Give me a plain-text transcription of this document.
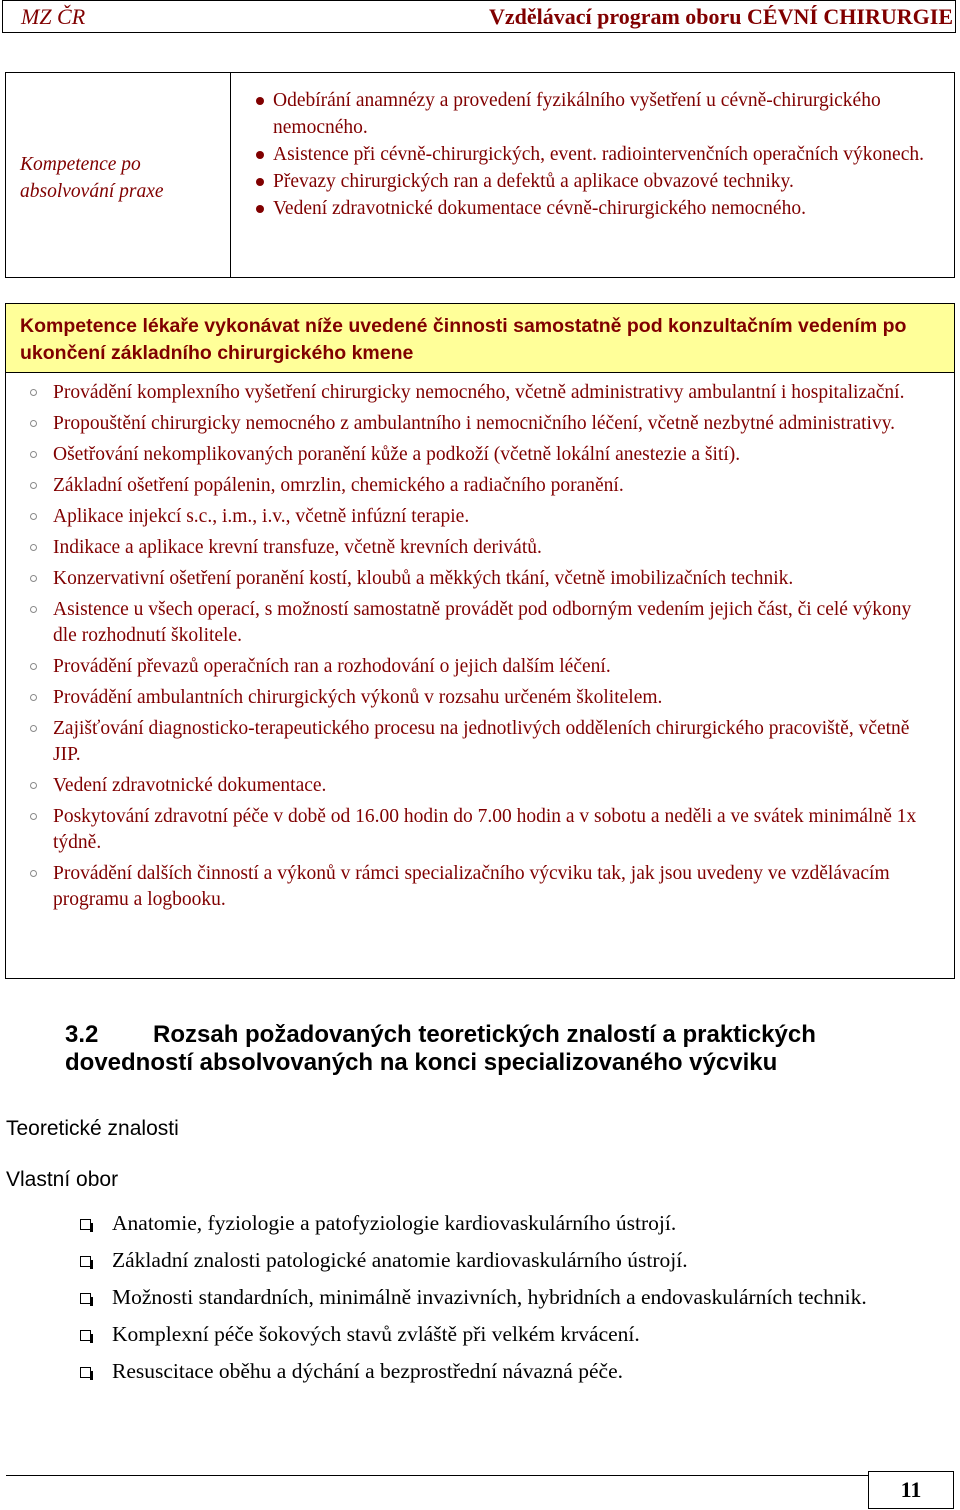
MZ ČR	Vzdělávací program oboru CÉVNÍ CHIRURGIE
Kompetence po absolvování praxe
Odebírání anamnézy a provedení fyzikálního vyšetření u cévně-chirurgického nemocného.
Asistence při cévně-chirurgických, event. radiointervenčních operačních výkonech.
Převazy chirurgických ran a defektů a aplikace obvazové techniky.
Vedení zdravotnické dokumentace cévně-chirurgického nemocného.
Kompetence lékaře vykonávat níže uvedené činnosti samostatně pod konzultačním vedením po ukončení základního chirurgického kmene
Provádění komplexního vyšetření chirurgicky nemocného, včetně administrativy ambulantní i hospitalizační.
Propouštění chirurgicky nemocného z ambulantního i nemocničního léčení, včetně nezbytné administrativy.
Ošetřování nekomplikovaných poranění kůže a podkoží (včetně lokální anestezie a šití).
Základní ošetření popálenin, omrzlin, chemického a radiačního poranění.
Aplikace injekcí s.c., i.m., i.v., včetně infúzní terapie.
Indikace a aplikace krevní transfuze, včetně krevních derivátů.
Konzervativní ošetření poranění kostí, kloubů a měkkých tkání, včetně imobilizačních technik.
Asistence u všech operací, s možností samostatně provádět pod odborným vedením jejich část, či celé výkony dle rozhodnutí školitele.
Provádění převazů operačních ran a rozhodování o jejich dalším léčení.
Provádění ambulantních chirurgických výkonů v rozsahu určeném školitelem.
Zajišťování diagnosticko-terapeutického procesu na jednotlivých odděleních chirurgického pracoviště, včetně JIP.
Vedení zdravotnické dokumentace.
Poskytování zdravotní péče v době od 16.00 hodin do 7.00 hodin a v sobotu a neděli a ve svátek minimálně 1x týdně.
Provádění dalších činností a výkonů v rámci specializačního výcviku tak, jak jsou uvedeny ve vzdělávacím programu a logbooku.
3.2 Rozsah požadovaných teoretických znalostí a praktických dovedností absolvovaných na konci specializovaného výcviku
Teoretické znalosti
Vlastní obor
Anatomie, fyziologie a patofyziologie kardiovaskulárního ústrojí.
Základní znalosti patologické anatomie kardiovaskulárního ústrojí.
Možnosti standardních, minimálně invazivních, hybridních a endovaskulárních technik.
Komplexní péče šokových stavů zvláště při velkém krvácení.
Resuscitace oběhu a dýchání a bezprostřední návazná péče.
11
